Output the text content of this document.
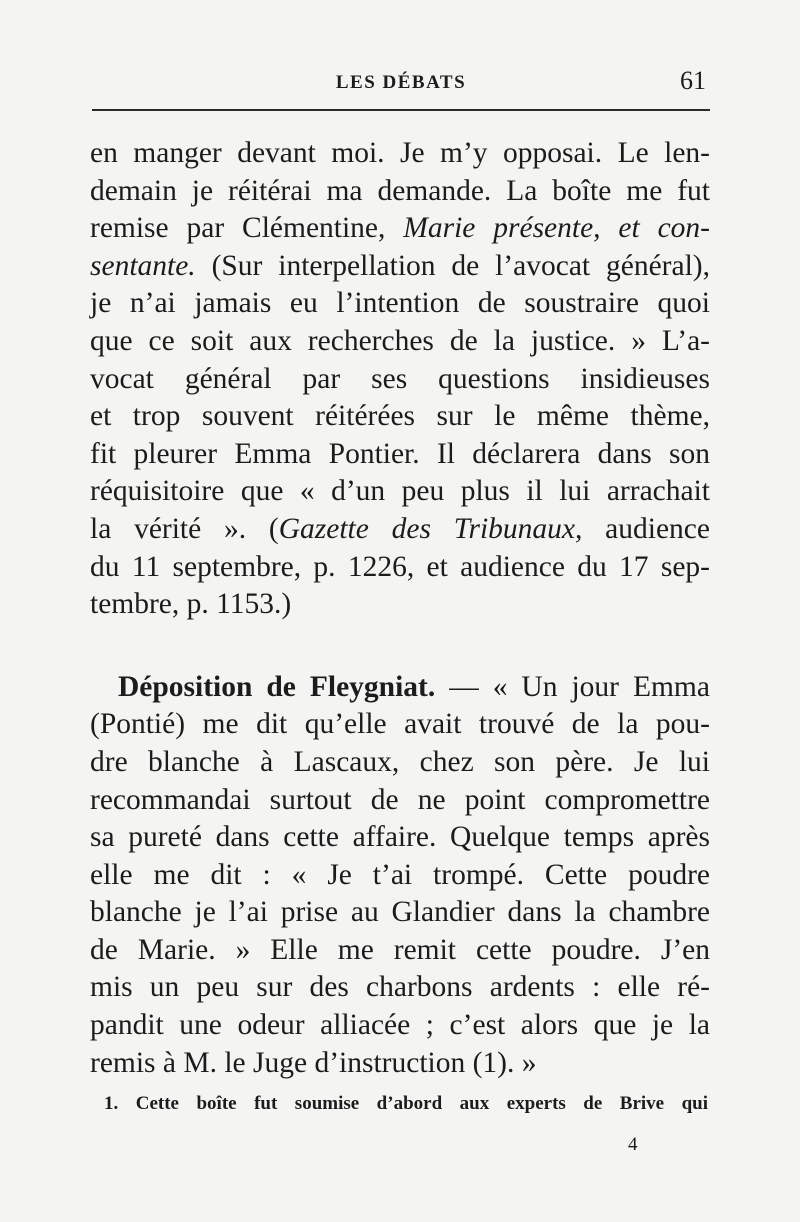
LES DÉBATS	61
en manger devant moi. Je m’y opposai. Le len-
demain je réitérai ma demande. La boîte me fut
remise par Clémentine, Marie présente, et con-
sentante. (Sur interpellation de l’avocat général),
je n’ai jamais eu l’intention de soustraire quoi
que ce soit aux recherches de la justice. » L’a-
vocat général par ses questions insidieuses
et trop souvent réitérées sur le même thème,
fit pleurer Emma Pontier. Il déclarera dans son
réquisitoire que « d’un peu plus il lui arrachait
la vérité ». (Gazette des Tribunaux, audience
du 11 septembre, p. 1226, et audience du 17 sep-
tembre, p. 1153.)
Déposition de Fleygniat. — « Un jour Emma
(Pontié) me dit qu’elle avait trouvé de la pou-
dre blanche à Lascaux, chez son père. Je lui
recommandai surtout de ne point compromettre
sa pureté dans cette affaire. Quelque temps après
elle me dit : « Je t’ai trompé. Cette poudre
blanche je l’ai prise au Glandier dans la chambre
de Marie. » Elle me remit cette poudre. J’en
mis un peu sur des charbons ardents : elle ré-
pandit une odeur alliacée ; c’est alors que je la
remis à M. le Juge d’instruction (1). »
1. Cette boîte fut soumise d’abord aux experts de Brive qui
4
